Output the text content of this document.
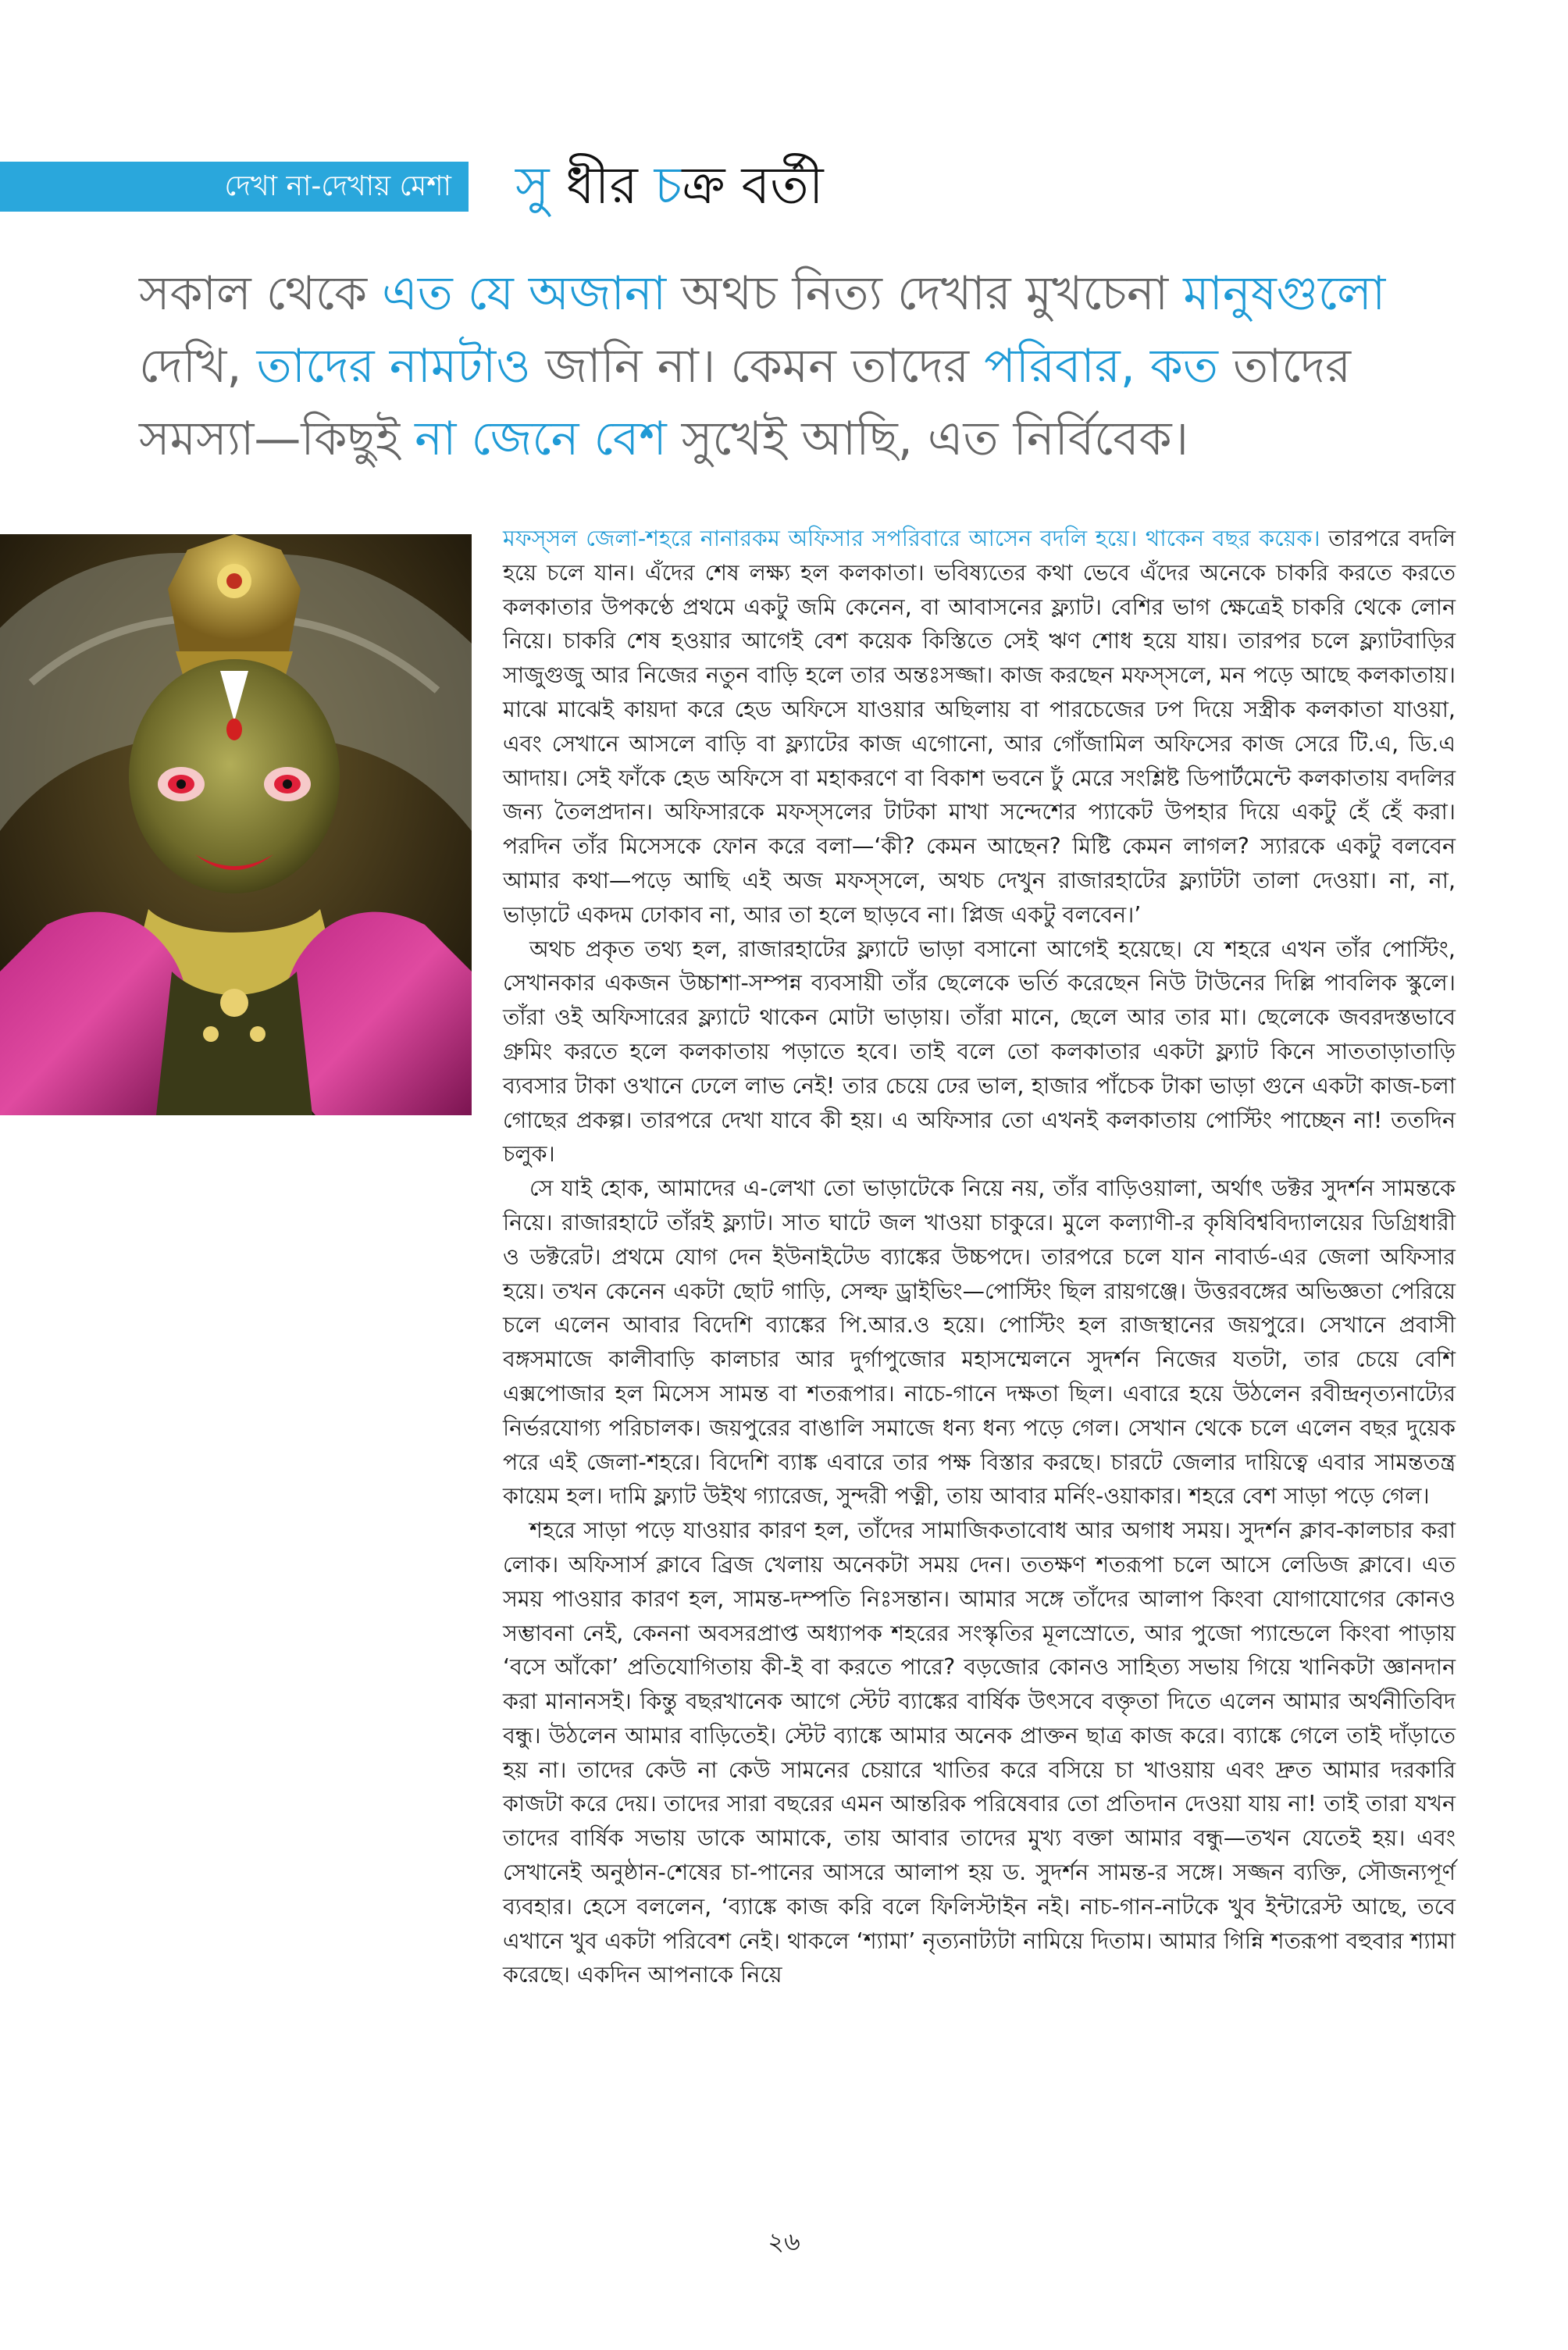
দেখা না-দেখায় মেশা সু ধীর চক্র বর্তী
সকাল থেকে এত যে অজানা অথচ নিত্য দেখার মুখচেনা মানুষগুলো দেখি, তাদের নামটাও জানি না। কেমন তাদের পরিবার, কত তাদের সমস্যা—কিছুই না জেনে বেশ সুখেই আছি, এত নির্বিবেক।

মফস্‌সল জেলা-শহরে নানারকম অফিসার সপরিবারে আসেন বদলি হয়ে। থাকেন বছর কয়েক। তারপরে বদলি হয়ে চলে যান। এঁদের শেষ লক্ষ্য হল কলকাতা। ভবিষ্যতের কথা ভেবে এঁদের অনেকে চাকরি করতে করতে কলকাতার উপকণ্ঠে প্রথমে একটু জমি কেনেন, বা আবাসনের ফ্ল্যাট। বেশির ভাগ ক্ষেত্রেই চাকরি থেকে লোন নিয়ে। চাকরি শেষ হওয়ার আগেই বেশ কয়েক কিস্তিতে সেই ঋণ শোধ হয়ে যায়। তারপর চলে ফ্ল্যাটবাড়ির সাজুগুজু আর নিজের নতুন বাড়ি হলে তার অন্তঃসজ্জা। কাজ করছেন মফস্‌সলে, মন পড়ে আছে কলকাতায়। মাঝে মাঝেই কায়দা করে হেড অফিসে যাওয়ার অছিলায় বা পারচেজের ঢপ দিয়ে সস্ত্রীক কলকাতা যাওয়া, এবং সেখানে আসলে বাড়ি বা ফ্ল্যাটের কাজ এগোনো, আর গোঁজামিল অফিসের কাজ সেরে টি.এ, ডি.এ আদায়। সেই ফাঁকে হেড অফিসে বা মহাকরণে বা বিকাশ ভবনে ঢুঁ মেরে সংশ্লিষ্ট ডিপার্টমেন্টে কলকাতায় বদলির জন্য তৈলপ্রদান। অফিসারকে মফস্‌সলের টাটকা মাখা সন্দেশের প্যাকেট উপহার দিয়ে একটু হেঁ হেঁ করা। পরদিন তাঁর মিসেসকে ফোন করে বলা—‘কী? কেমন আছেন? মিষ্টি কেমন লাগল? স্যারকে একটু বলবেন আমার কথা—পড়ে আছি এই অজ মফস্‌সলে, অথচ দেখুন রাজারহাটের ফ্ল্যাটটা তালা দেওয়া। না, না, ভাড়াটে একদম ঢোকাব না, আর তা হলে ছাড়বে না। প্লিজ একটু বলবেন।’

অথচ প্রকৃত তথ্য হল, রাজারহাটের ফ্ল্যাটে ভাড়া বসানো আগেই হয়েছে। যে শহরে এখন তাঁর পোস্টিং, সেখানকার একজন উচ্চাশা-সম্পন্ন ব্যবসায়ী তাঁর ছেলেকে ভর্তি করেছেন নিউ টাউনের দিল্লি পাবলিক স্কুলে। তাঁরা ওই অফিসারের ফ্ল্যাটে থাকেন মোটা ভাড়ায়। তাঁরা মানে, ছেলে আর তার মা। ছেলেকে জবরদস্তভাবে গ্রুমিং করতে হলে কলকাতায় পড়াতে হবে। তাই বলে তো কলকাতার একটা ফ্ল্যাট কিনে সাততাড়াতাড়ি ব্যবসার টাকা ওখানে ঢেলে লাভ নেই! তার চেয়ে ঢের ভাল, হাজার পাঁচেক টাকা ভাড়া গুনে একটা কাজ-চলা গোছের প্রকল্প। তারপরে দেখা যাবে কী হয়। এ অফিসার তো এখনই কলকাতায় পোস্টিং পাচ্ছেন না! ততদিন চলুক।

সে যাই হোক, আমাদের এ-লেখা তো ভাড়াটেকে নিয়ে নয়, তাঁর বাড়িওয়ালা, অর্থাৎ ডক্টর সুদর্শন সামন্তকে নিয়ে। রাজারহাটে তাঁরই ফ্ল্যাট। সাত ঘাটে জল খাওয়া চাকুরে। মুলে কল্যাণী-র কৃষিবিশ্ববিদ্যালয়ের ডিগ্রিধারী ও ডক্টরেট। প্রথমে যোগ দেন ইউনাইটেড ব্যাঙ্কের উচ্চপদে। তারপরে চলে যান নাবার্ড-এর জেলা অফিসার হয়ে। তখন কেনেন একটা ছোট গাড়ি, সেল্ফ ড্রাইভিং—পোস্টিং ছিল রায়গঞ্জে। উত্তরবঙ্গের অভিজ্ঞতা পেরিয়ে চলে এলেন আবার বিদেশি ব্যাঙ্কের পি.আর.ও হয়ে। পোস্টিং হল রাজস্থানের জয়পুরে। সেখানে প্রবাসী বঙ্গসমাজে কালীবাড়ি কালচার আর দুর্গাপুজোর মহাসম্মেলনে সুদর্শন নিজের যতটা, তার চেয়ে বেশি এক্সপোজার হল মিসেস সামন্ত বা শতরূপার। নাচে-গানে দক্ষতা ছিল। এবারে হয়ে উঠলেন রবীন্দ্রনৃত্যনাট্যের নির্ভরযোগ্য পরিচালক। জয়পুরের বাঙালি সমাজে ধন্য ধন্য পড়ে গেল। সেখান থেকে চলে এলেন বছর দুয়েক পরে এই জেলা-শহরে। বিদেশি ব্যাঙ্ক এবারে তার পক্ষ বিস্তার করছে। চারটে জেলার দায়িত্বে এবার সামন্ততন্ত্র কায়েম হল। দামি ফ্ল্যাট উইথ গ্যারেজ, সুন্দরী পত্নী, তায় আবার মর্নিং-ওয়াকার। শহরে বেশ সাড়া পড়ে গেল।

শহরে সাড়া পড়ে যাওয়ার কারণ হল, তাঁদের সামাজিকতাবোধ আর অগাধ সময়। সুদর্শন ক্লাব-কালচার করা লোক। অফিসার্স ক্লাবে ব্রিজ খেলায় অনেকটা সময় দেন। ততক্ষণ শতরূপা চলে আসে লেডিজ ক্লাবে। এত সময় পাওয়ার কারণ হল, সামন্ত-দম্পতি নিঃসন্তান। আমার সঙ্গে তাঁদের আলাপ কিংবা যোগাযোগের কোনও সম্ভাবনা নেই, কেননা অবসরপ্রাপ্ত অধ্যাপক শহরের সংস্কৃতির মূলস্রোতে, আর পুজো প্যান্ডেলে কিংবা পাড়ায় ‘বসে আঁকো’ প্রতিযোগিতায় কী-ই বা করতে পারে? বড়জোর কোনও সাহিত্য সভায় গিয়ে খানিকটা জ্ঞানদান করা মানানসই। কিন্তু বছরখানেক আগে স্টেট ব্যাঙ্কের বার্ষিক উৎসবে বক্তৃতা দিতে এলেন আমার অর্থনীতিবিদ বন্ধু। উঠলেন আমার বাড়িতেই। স্টেট ব্যাঙ্কে আমার অনেক প্রাক্তন ছাত্র কাজ করে। ব্যাঙ্কে গেলে তাই দাঁড়াতে হয় না। তাদের কেউ না কেউ সামনের চেয়ারে খাতির করে বসিয়ে চা খাওয়ায় এবং দ্রুত আমার দরকারি কাজটা করে দেয়। তাদের সারা বছরের এমন আন্তরিক পরিষেবার তো প্রতিদান দেওয়া যায় না! তাই তারা যখন তাদের বার্ষিক সভায় ডাকে আমাকে, তায় আবার তাদের মুখ্য বক্তা আমার বন্ধু—তখন যেতেই হয়। এবং সেখানেই অনুষ্ঠান-শেষের চা-পানের আসরে আলাপ হয় ড. সুদর্শন সামন্ত-র সঙ্গে। সজ্জন ব্যক্তি, সৌজন্যপূর্ণ ব্যবহার। হেসে বললেন, ‘ব্যাঙ্কে কাজ করি বলে ফিলিস্টাইন নই। নাচ-গান-নাটকে খুব ইন্টারেস্ট আছে, তবে এখানে খুব একটা পরিবেশ নেই। থাকলে ‘শ্যামা’ নৃত্যনাট্যটা নামিয়ে দিতাম। আমার গিন্নি শতরূপা বহুবার শ্যামা করেছে। একদিন আপনাকে নিয়ে

২৬
